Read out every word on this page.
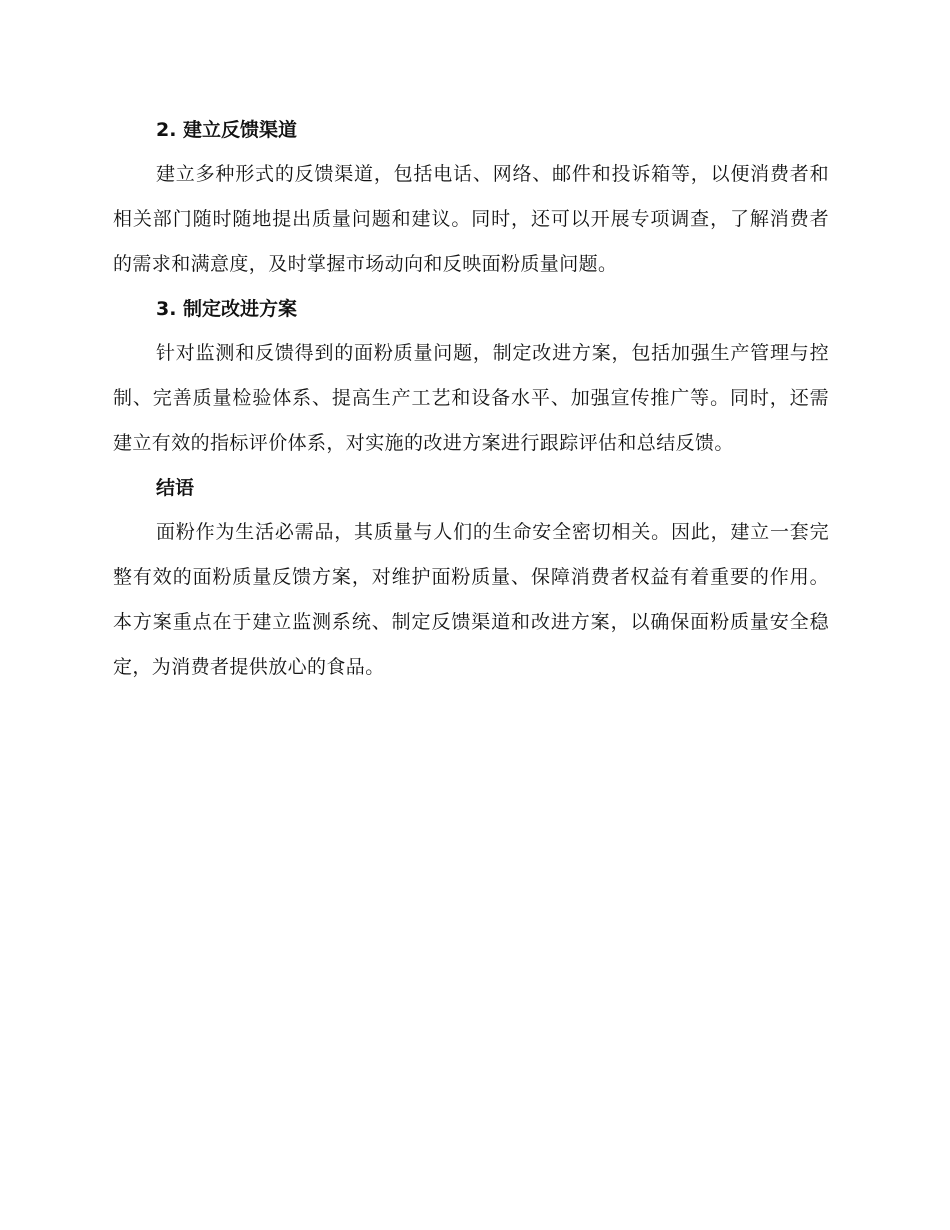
2. 建立反馈渠道

建立多种形式的反馈渠道，包括电话、网络、邮件和投诉箱等，以便消费者和相关部门随时随地提出质量问题和建议。同时，还可以开展专项调查，了解消费者的需求和满意度，及时掌握市场动向和反映面粉质量问题。

3. 制定改进方案

针对监测和反馈得到的面粉质量问题，制定改进方案，包括加强生产管理与控制、完善质量检验体系、提高生产工艺和设备水平、加强宣传推广等。同时，还需建立有效的指标评价体系，对实施的改进方案进行跟踪评估和总结反馈。

结语

面粉作为生活必需品，其质量与人们的生命安全密切相关。因此，建立一套完整有效的面粉质量反馈方案，对维护面粉质量、保障消费者权益有着重要的作用。本方案重点在于建立监测系统、制定反馈渠道和改进方案，以确保面粉质量安全稳定，为消费者提供放心的食品。
